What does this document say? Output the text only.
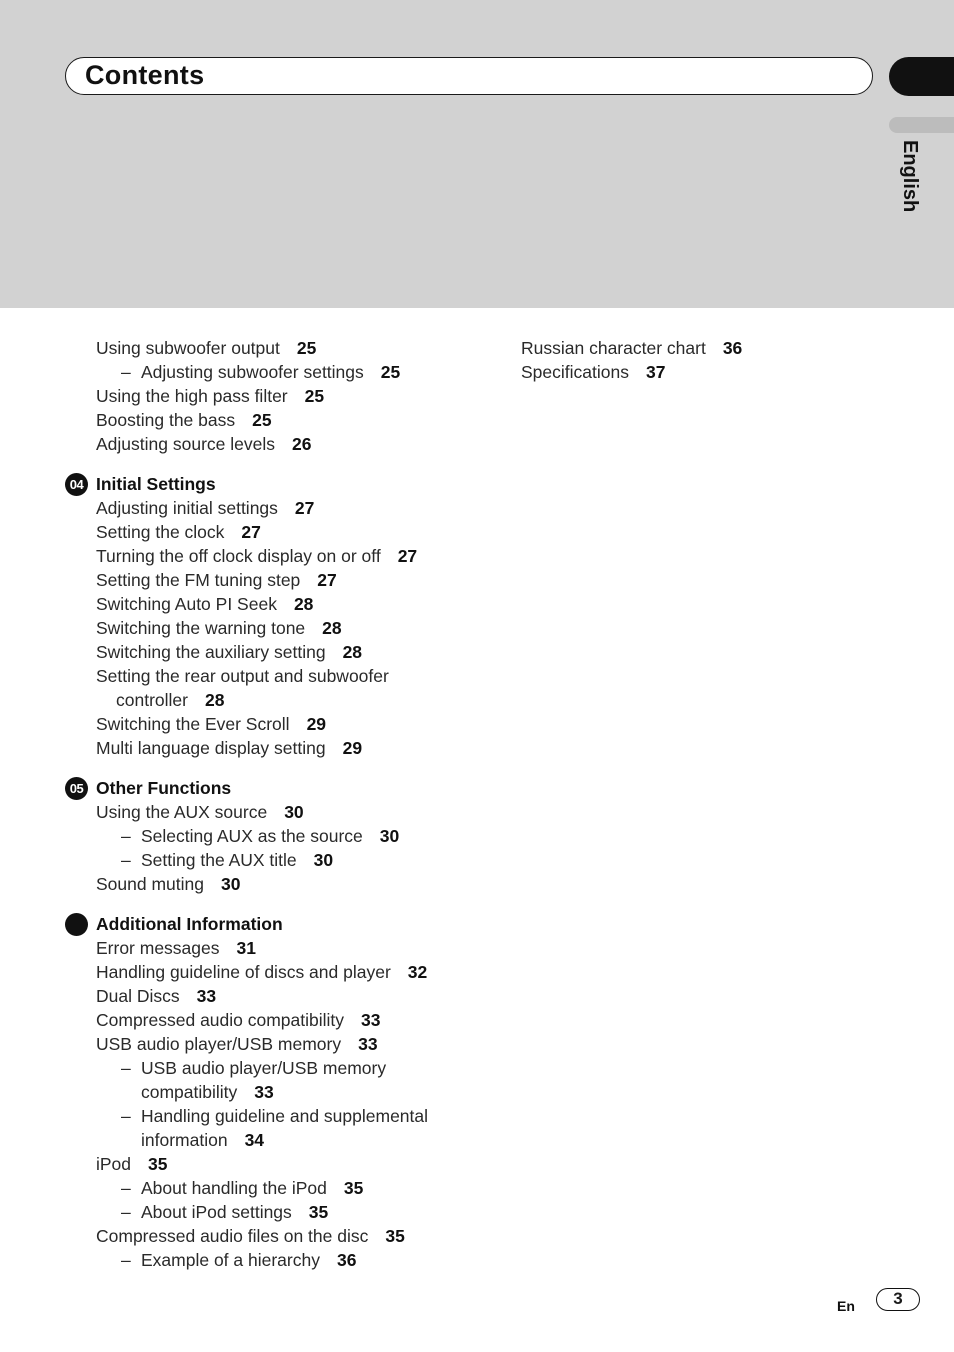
Contents
English
Using subwoofer output 25
– Adjusting subwoofer settings 25
Using the high pass filter 25
Boosting the bass 25
Adjusting source levels 26
04 Initial Settings
Adjusting initial settings 27
Setting the clock 27
Turning the off clock display on or off 27
Setting the FM tuning step 27
Switching Auto PI Seek 28
Switching the warning tone 28
Switching the auxiliary setting 28
Setting the rear output and subwoofer
controller 28
Switching the Ever Scroll 29
Multi language display setting 29
05 Other Functions
Using the AUX source 30
– Selecting AUX as the source 30
– Setting the AUX title 30
Sound muting 30
Additional Information
Error messages 31
Handling guideline of discs and player 32
Dual Discs 33
Compressed audio compatibility 33
USB audio player/USB memory 33
– USB audio player/USB memory
compatibility 33
– Handling guideline and supplemental
information 34
iPod 35
– About handling the iPod 35
– About iPod settings 35
Compressed audio files on the disc 35
– Example of a hierarchy 36
Russian character chart 36
Specifications 37
En	3
